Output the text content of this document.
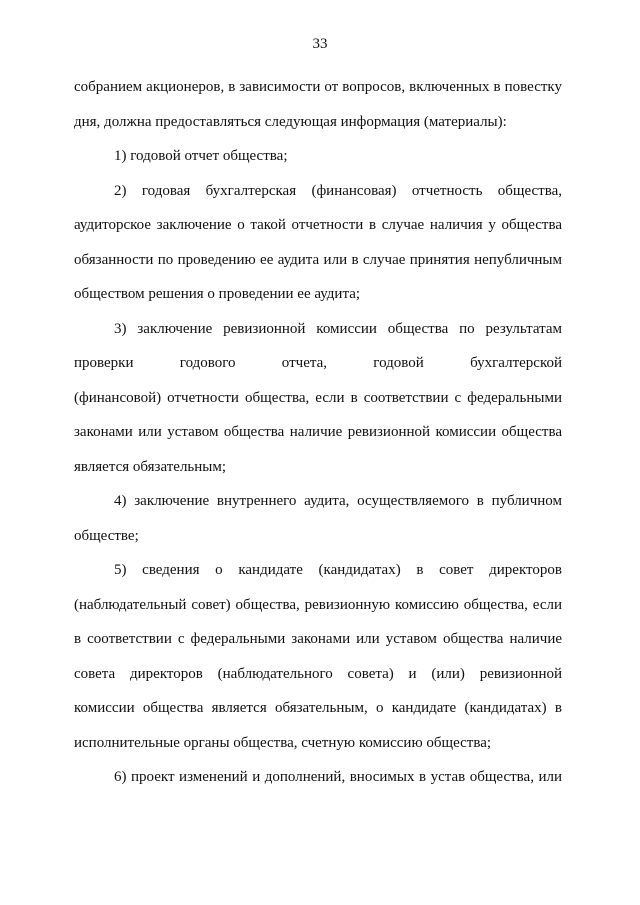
33
собранием акционеров, в зависимости от вопросов, включенных в повестку
дня, должна предоставляться следующая информация (материалы):
1) годовой отчет общества;
2) годовая бухгалтерская (финансовая) отчетность общества,
аудиторское заключение о такой отчетности в случае наличия у общества
обязанности по проведению ее аудита или в случае принятия непубличным
обществом решения о проведении ее аудита;
3) заключение ревизионной комиссии общества по результатам
проверки годового отчета, годовой бухгалтерской
(финансовой) отчетности общества, если в соответствии с федеральными
законами или уставом общества наличие ревизионной комиссии общества
является обязательным;
4) заключение внутреннего аудита, осуществляемого в публичном
обществе;
5) сведения о кандидате (кандидатах) в совет директоров
(наблюдательный совет) общества, ревизионную комиссию общества, если
в соответствии с федеральными законами или уставом общества наличие
совета директоров (наблюдательного совета) и (или) ревизионной
комиссии общества является обязательным, о кандидате (кандидатах) в
исполнительные органы общества, счетную комиссию общества;
6) проект изменений и дополнений, вносимых в устав общества, или
